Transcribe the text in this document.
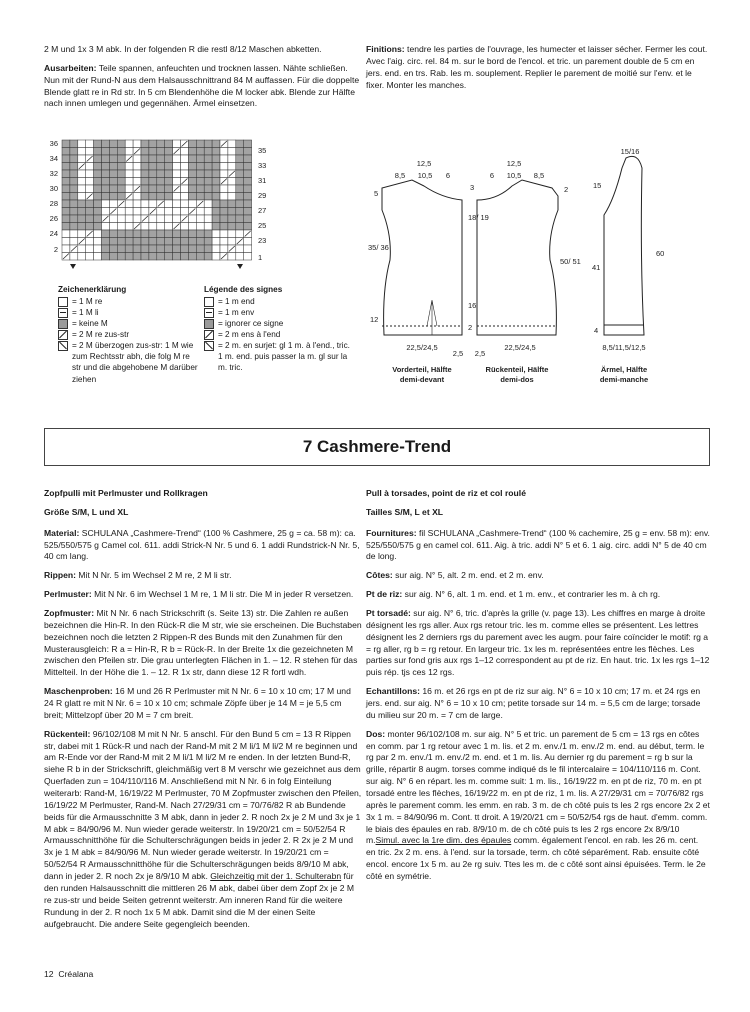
2 M und 1x 3 M abk. In der folgenden R die restl 8/12 Maschen abketten.

Ausarbeiten: Teile spannen, anfeuchten und trocknen lassen. Nähte schließen. Nun mit der Rund-N aus dem Halsausschnittrand 84 M auffassen. Für die doppelte Blende glatt re in Rd str. In 5 cm Blendenhöhe die M locker abk. Blende zur Hälfte nach innen umlegen und gegennähen. Ärmel einsetzen.

Finitions: tendre les parties de l'ouvrage, les humecter et laisser sécher. Fermer les cout. Avec l'aig. circ. rel. 84 m. sur le bord de l'encol. et tric. un parement double de 5 cm en jers. end. en trs. Rab. les m. souplement. Replier le parement de moitié sur l'env. et le fixer. Monter les manches.

36
34
32
30
28
26
24
2
35
33
31
29
27
25
23
1
Zeichenerklärung
= 1 M re
= 1 M li
= keine M
= 2 M re zus-str
= 2 M überzogen zus-str: 1 M wie zum Rechtsstr abh, die folg M re str und die abgehobene M darüber ziehen
Légende des signes
= 1 m end
= 1 m env
= ignorer ce signe
= 2 m ens à l'end
= 2 m. en surjet: gl 1 m. à l'end., tric. 1 m. end. puis passer la m. gl sur la m. tric.
12,5
8,5 10,5 6
5
35/ 36
12
22,5/24,5
2,5
Vorderteil, Hälfte
demi-devant
12,5
6 10,5 8,5
3	2
18/ 19
50/ 51
16
2
22,5/24,5
2,5
Rückenteil, Hälfte
demi-dos
15/16
15
41
60
4
8,5/11,5/12,5
Ärmel, Hälfte
demi-manche
7 Cashmere-Trend

Zopfpulli mit Perlmuster und Rollkragen

Größe S/M, L und XL

Material: SCHULANA „Cashmere-Trend“ (100 % Cashmere, 25 g = ca. 58 m): ca. 525/550/575 g Camel col. 611. addi Strick-N Nr. 5 und 6. 1 addi Rundstrick-N Nr. 5, 40 cm lang.

Rippen: Mit N Nr. 5 im Wechsel 2 M re, 2 M li str.

Perlmuster: Mit N Nr. 6 im Wechsel 1 M re, 1 M li str. Die M in jeder R versetzen.

Zopfmuster: Mit N Nr. 6 nach Strickschrift (s. Seite 13) str. Die Zahlen re außen bezeichnen die Hin-R. In den Rück-R die M str, wie sie erscheinen. Die Buchstaben bezeichnen noch die letzten 2 Rippen-R des Bunds mit den Zunahmen für den Musterausgleich: R a = Hin-R, R b = Rück-R. In der Breite 1x die gezeichneten M zwischen den Pfeilen str. Die grau unterlegten Flächen in 1. – 12. R stehen für das Mittelteil. In der Höhe die 1. – 12. R 1x str, dann diese 12 R fortl wdh.

Maschenproben: 16 M und 26 R Perlmuster mit N Nr. 6 = 10 x 10 cm; 17 M und 24 R glatt re mit N Nr. 6 = 10 x 10 cm; schmale Zöpfe über je 14 M = je 5,5 cm breit; Mittelzopf über 20 M = 7 cm breit.

Rückenteil: 96/102/108 M mit N Nr. 5 anschl. Für den Bund 5 cm = 13 R Rippen str, dabei mit 1 Rück-R und nach der Rand-M mit 2 M li/1 M li/2 M re beginnen und am R-Ende vor der Rand-M mit 2 M li/1 M li/2 M re enden. In der letzten Bund-R, siehe R b in der Strickschrift, gleichmäßig vert 8 M verschr wie gezeichnet aus dem Querfaden zun = 104/110/116 M. Anschließend mit N Nr. 6 in folg Einteilung weiterarb: Rand-M, 16/19/22 M Perlmuster, 70 M Zopfmuster zwischen den Pfeilen, 16/19/22 M Perlmuster, Rand-M. Nach 27/29/31 cm = 70/76/82 R ab Bundende beids für die Armausschnitte 3 M abk, dann in jeder 2. R noch 2x je 2 M und 3x je 1 M abk = 84/90/96 M. Nun wieder gerade weiterstr. In 19/20/21 cm = 50/52/54 R Armausschnitthöhe für die Schulterschrägungen beids in jeder 2. R 2x je 2 M und 3x je 1 M abk = 84/90/96 M. Nun wieder gerade weiterstr. In 19/20/21 cm = 50/52/54 R Armausschnitthöhe für die Schulterschrägungen beids 8/9/10 M abk, dann in jeder 2. R noch 2x je 8/9/10 M abk. Gleichzeitig mit der 1. Schulterabn für den runden Halsausschnitt die mittleren 26 M abk, dabei über dem Zopf 2x je 2 M re zus-str und beide Seiten getrennt weiterstr. Am inneren Rand für die weitere Rundung in der 2. R noch 1x 5 M abk. Damit sind die M der einen Seite aufgebraucht. Die andere Seite gegengleich beenden.

Pull à torsades, point de riz et col roulé

Tailles S/M, L et XL

Fournitures: fil SCHULANA „Cashmere-Trend“ (100 % cachemire, 25 g = env. 58 m): env. 525/550/575 g en camel col. 611. Aig. à tric. addi N° 5 et 6. 1 aig. circ. addi N° 5 de 40 cm de long.

Côtes: sur aig. N° 5, alt. 2 m. end. et 2 m. env.

Pt de riz: sur aig. N° 6, alt. 1 m. end. et 1 m. env., et contrarier les m. à ch rg.

Pt torsadé: sur aig. N° 6, tric. d'après la grille (v. page 13). Les chiffres en marge à droite désignent les rgs aller. Aux rgs retour tric. les m. comme elles se présentent. Les lettres désignent les 2 derniers rgs du parement avec les augm. pour faire coïncider le motif: rg a = rg aller, rg b = rg retour. En largeur tric. 1x les m. représentées entre les flèches. Les parties sur fond gris aux rgs 1–12 correspondent au pt de riz. En haut. tric. 1x les rgs 1–12 puis rép. tjs ces 12 rgs.

Echantillons: 16 m. et 26 rgs en pt de riz sur aig. N° 6 = 10 x 10 cm; 17 m. et 24 rgs en jers. end. sur aig. N° 6 = 10 x 10 cm; petite torsade sur 14 m. = 5,5 cm de large; torsade du milieu sur 20 m. = 7 cm de large.

Dos: monter 96/102/108 m. sur aig. N° 5 et tric. un parement de 5 cm = 13 rgs en côtes en comm. par 1 rg retour avec 1 m. lis. et 2 m. env./1 m. env./2 m. end. au début, term. le rg par 2 m. env./1 m. env./2 m. end. et 1 m. lis. Au dernier rg du parement = rg b sur la grille, répartir 8 augm. torses comme indiqué ds le fil intercalaire = 104/110/116 m. Cont. sur aig. N° 6 en répart. les m. comme suit: 1 m. lis., 16/19/22 m. en pt de riz, 70 m. en pt torsadé entre les flèches, 16/19/22 m. en pt de riz, 1 m. lis. A 27/29/31 cm = 70/76/82 rgs après le parement comm. les emm. en rab. 3 m. de ch côté puis ts les 2 rgs encore 2x 2 et 3x 1 m. = 84/90/96 m. Cont. tt droit. A 19/20/21 cm = 50/52/54 rgs de haut. d'emm. comm. le biais des épaules en rab. 8/9/10 m. de ch côté puis ts les 2 rgs encore 2x 8/9/10 m.Simul. avec la 1re dim. des épaules comm. également l'encol. en rab. les 26 m. cent. en tric. 2x 2 m. ens. à l'end. sur la torsade, term. ch côté séparément. Rab. ensuite côté encol. encore 1x 5 m. au 2e rg suiv. Ttes les m. de c côté sont ainsi épuisées. Term. le 2e côté en symétrie.

12 Créalana
